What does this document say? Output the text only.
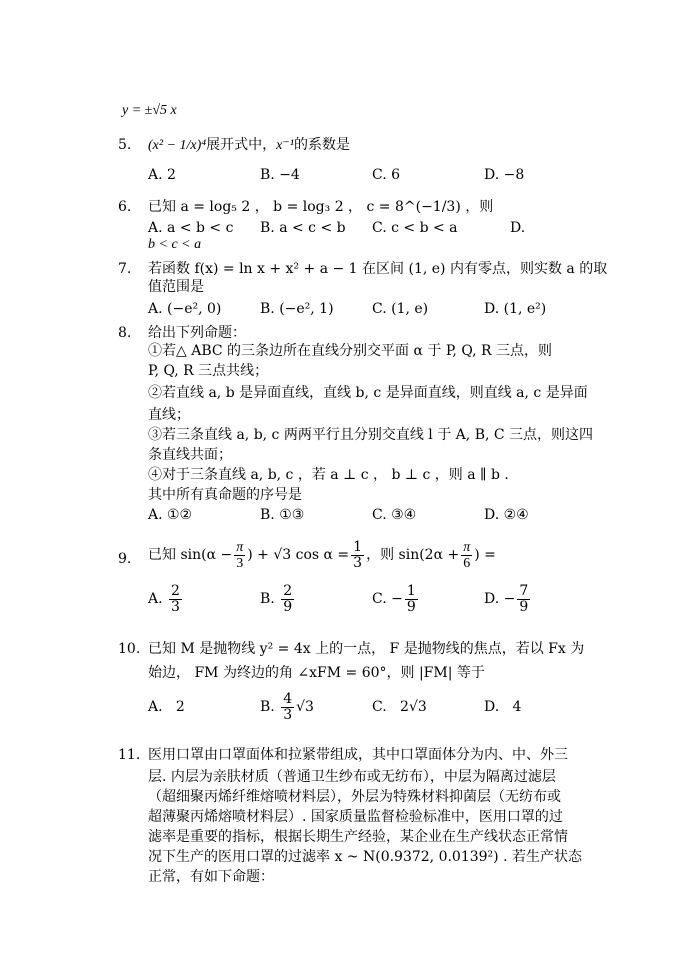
y = ±√5 x
5. (x² − 1/x)⁴展开式中，x⁻¹的系数是
A. 2	B. −4	C. 6	D. −8
6. 已知 a = log₅ 2 ， b = log₃ 2 ， c = 8^(−1/3) ，则
A. a < b < c B. a < c < b C. c < b < a	D.
b < c < a
7. 若函数 f(x) = ln x + x² + a − 1 在区间 (1, e) 内有零点，则实数 a 的取
值范围是
A. (−e², 0)	B. (−e², 1)	C. (1, e)	D. (1, e²)
8. 给出下列命题：
①若△ ABC 的三条边所在直线分别交平面 α 于 P, Q, R 三点，则
P, Q, R 三点共线；
②若直线 a, b 是异面直线，直线 b, c 是异面直线，则直线 a, c 是异面
直线；
③若三条直线 a, b, c 两两平行且分别交直线 l 于 A, B, C 三点，则这四
条直线共面；
④对于三条直线 a, b, c ，若 a ⊥ c ， b ⊥ c ，则 a ∥ b .
其中所有真命题的序号是
A. ①②	B. ①③	C. ③④	D. ②④
9. 已知 $\sin(\alpha - \frac{\pi}{3}$ ) + √3 $\cos \alpha = \frac{1}{3}$ ，则 $\sin(2\alpha + \frac{\pi}{6}$ ) =
A. $\frac{2}{3}$	B. $\frac{2}{9}$	C. − $\frac{1}{9}$	D. − $\frac{7}{9}$
10. 已知 M 是抛物线 y² = 4x 上的一点， F 是抛物线的焦点，若以 Fx 为
始边， FM 为终边的角 ∠xFM = 60°，则 |FM| 等于
A. 2	B. $\frac{4}{3} √3$	C. 2√3	D. 4
11. 医用口罩由口罩面体和拉紧带组成，其中口罩面体分为内、中、外三
层. 内层为亲肤材质（普通卫生纱布或无纺布），中层为隔离过滤层
（超细聚丙烯纤维熔喷材料层），外层为特殊材料抑菌层（无纺布或
超薄聚丙烯熔喷材料层）. 国家质量监督检验标准中，医用口罩的过
滤率是重要的指标，根据长期生产经验，某企业在生产线状态正常情
况下生产的医用口罩的过滤率 x ~ N(0.9372, 0.0139²) . 若生产状态
正常，有如下命题：
